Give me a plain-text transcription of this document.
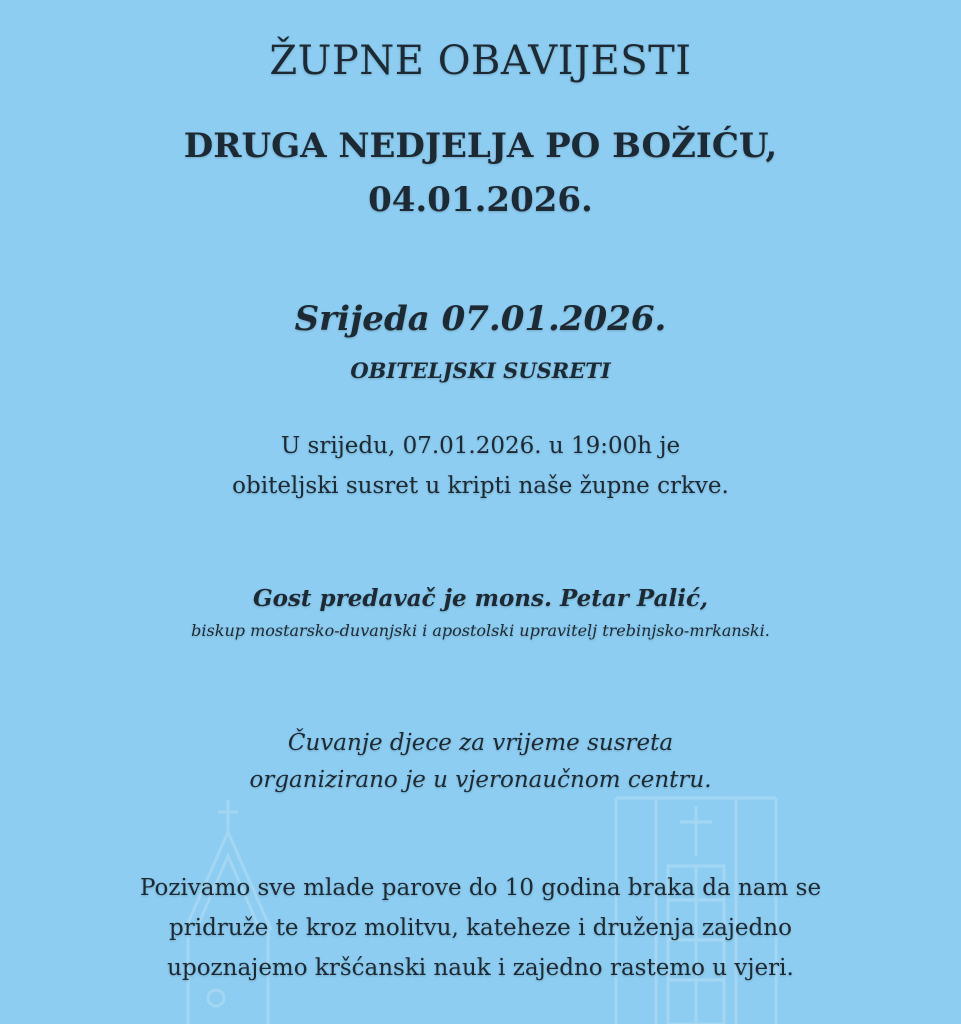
ŽUPNE OBAVIJESTI
DRUGA NEDJELJA PO BOŽIĆU,
04.01.2026.
Srijeda 07.01.2026.
OBITELJSKI SUSRETI
U srijedu, 07.01.2026. u 19:00h je
obiteljski susret u kripti naše župne crkve.
Gost predavač je mons. Petar Palić,
biskup mostarsko-duvanjski i apostolski upravitelj trebinjsko-mrkanski.
Čuvanje djece za vrijeme susreta
organizirano je u vjeronaučnom centru.
Pozivamo sve mlade parove do 10 godina braka da nam se
pridruže te kroz molitvu, kateheze i druženja zajedno
upoznajemo kršćanski nauk i zajedno rastemo u vjeri.
